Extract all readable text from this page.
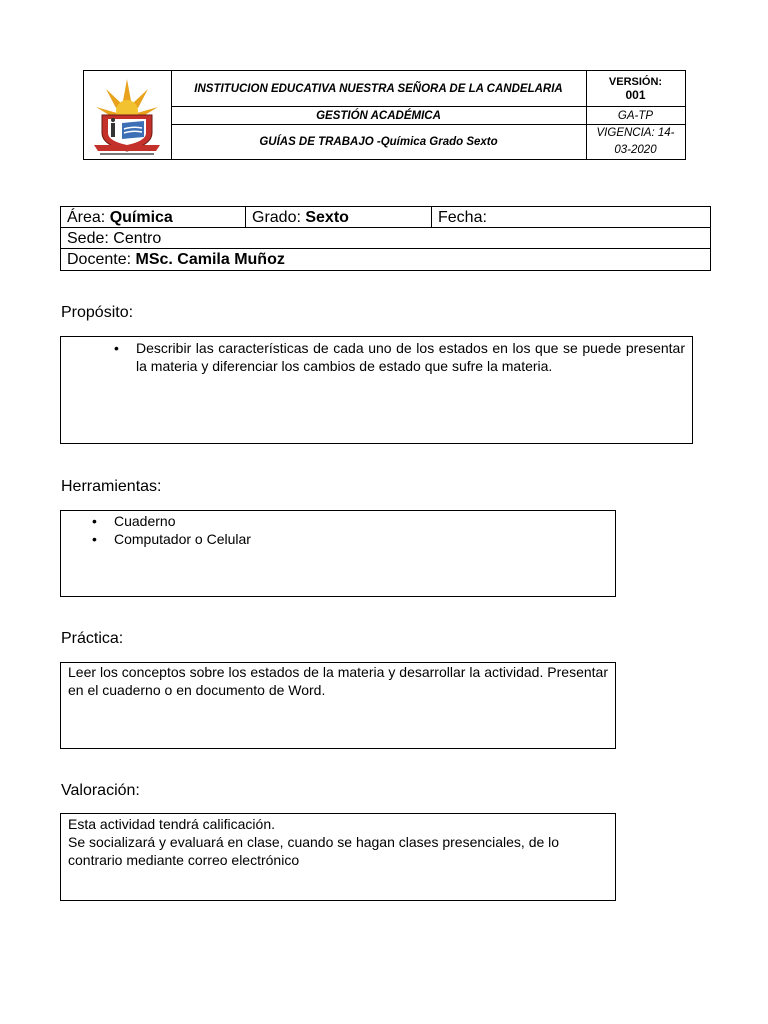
INSTITUCION EDUCATIVA NUESTRA SEÑORA DE LA CANDELARIA
GESTIÓN ACADÉMICA
GUÍAS DE TRABAJO -Química Grado Sexto
VERSIÓN:
001
GA-TP
VIGENCIA: 14-
03-2020
Área: Química	Grado: Sexto	Fecha:
Sede: Centro
Docente: MSc. Camila Muñoz
Propósito:
• Describir las características de cada uno de los estados en los que se puede presentar la materia y diferenciar los cambios de estado que sufre la materia.
Herramientas:
• Cuaderno
• Computador o Celular
Práctica:
Leer los conceptos sobre los estados de la materia y desarrollar la actividad. Presentar en el cuaderno o en documento de Word.
Valoración:
Esta actividad tendrá calificación.
Se socializará y evaluará en clase, cuando se hagan clases presenciales, de lo contrario mediante correo electrónico
